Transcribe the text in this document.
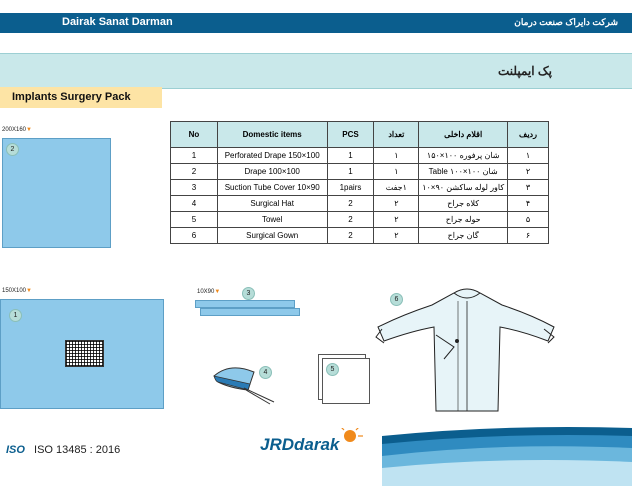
Dairak Sanat Darman	شرکت دایراک صنعت درمان
پک ایمپلنت
Implants Surgery Pack
200X160▼
2
No	Domestic items	PCS	تعداد	اقلام داخلی	ردیف
1	Perforated Drape 150×100	1	۱	شان پرفوره ۱۰۰×۱۵۰	۱
2	Drape 100×100	1	۱	شان Table ۱۰۰×۱۰۰	۲
3	Suction Tube Cover 10×90	1pairs	۱جفت	کاور لوله ساکشن ۹۰×۱۰	۳
4	Surgical Hat	2	۲	کلاه جراح	۴
5	Towel	2	۲	حوله جراح	۵
6	Surgical Gown	2	۲	گان جراح	۶
150X100▼
1
10X90▼	3
4	5
6
ISO ISO 13485 : 2016	JRDdarak
